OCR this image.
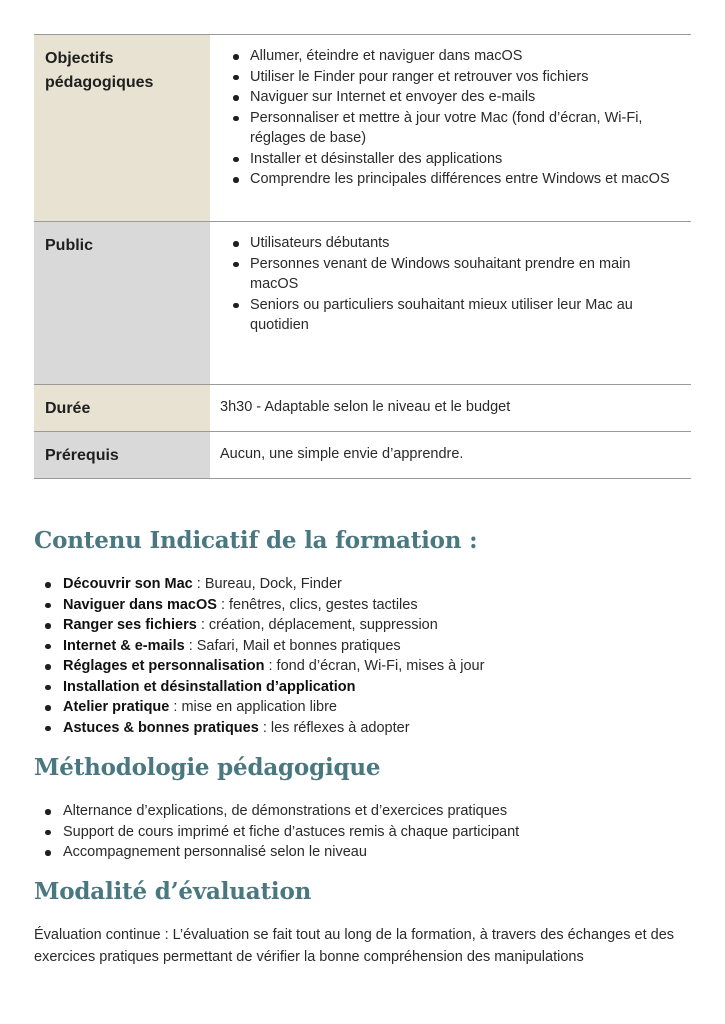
Objectifs pédagogiques
Allumer, éteindre et naviguer dans macOS
Utiliser le Finder pour ranger et retrouver vos fichiers
Naviguer sur Internet et envoyer des e-mails
Personnaliser et mettre à jour votre Mac (fond d’écran, Wi-Fi, réglages de base)
Installer et désinstaller des applications
Comprendre les principales différences entre Windows et macOS
Public	Utilisateurs débutants
Personnes venant de Windows souhaitant prendre en main macOS
Seniors ou particuliers souhaitant mieux utiliser leur Mac au quotidien
Durée	3h30 - Adaptable selon le niveau et le budget
Prérequis	Aucun, une simple envie d’apprendre.
Contenu Indicatif de la formation :
Découvrir son Mac : Bureau, Dock, Finder
Naviguer dans macOS : fenêtres, clics, gestes tactiles
Ranger ses fichiers : création, déplacement, suppression
Internet & e-mails : Safari, Mail et bonnes pratiques
Réglages et personnalisation : fond d’écran, Wi-Fi, mises à jour
Installation et désinstallation d’application
Atelier pratique : mise en application libre
Astuces & bonnes pratiques : les réflexes à adopter
Méthodologie pédagogique
Alternance d’explications, de démonstrations et d’exercices pratiques
Support de cours imprimé et fiche d’astuces remis à chaque participant
Accompagnement personnalisé selon le niveau
Modalité d’évaluation

Évaluation continue : L’évaluation se fait tout au long de la formation, à travers des échanges et des exercices pratiques permettant de vérifier la bonne compréhension des manipulations
